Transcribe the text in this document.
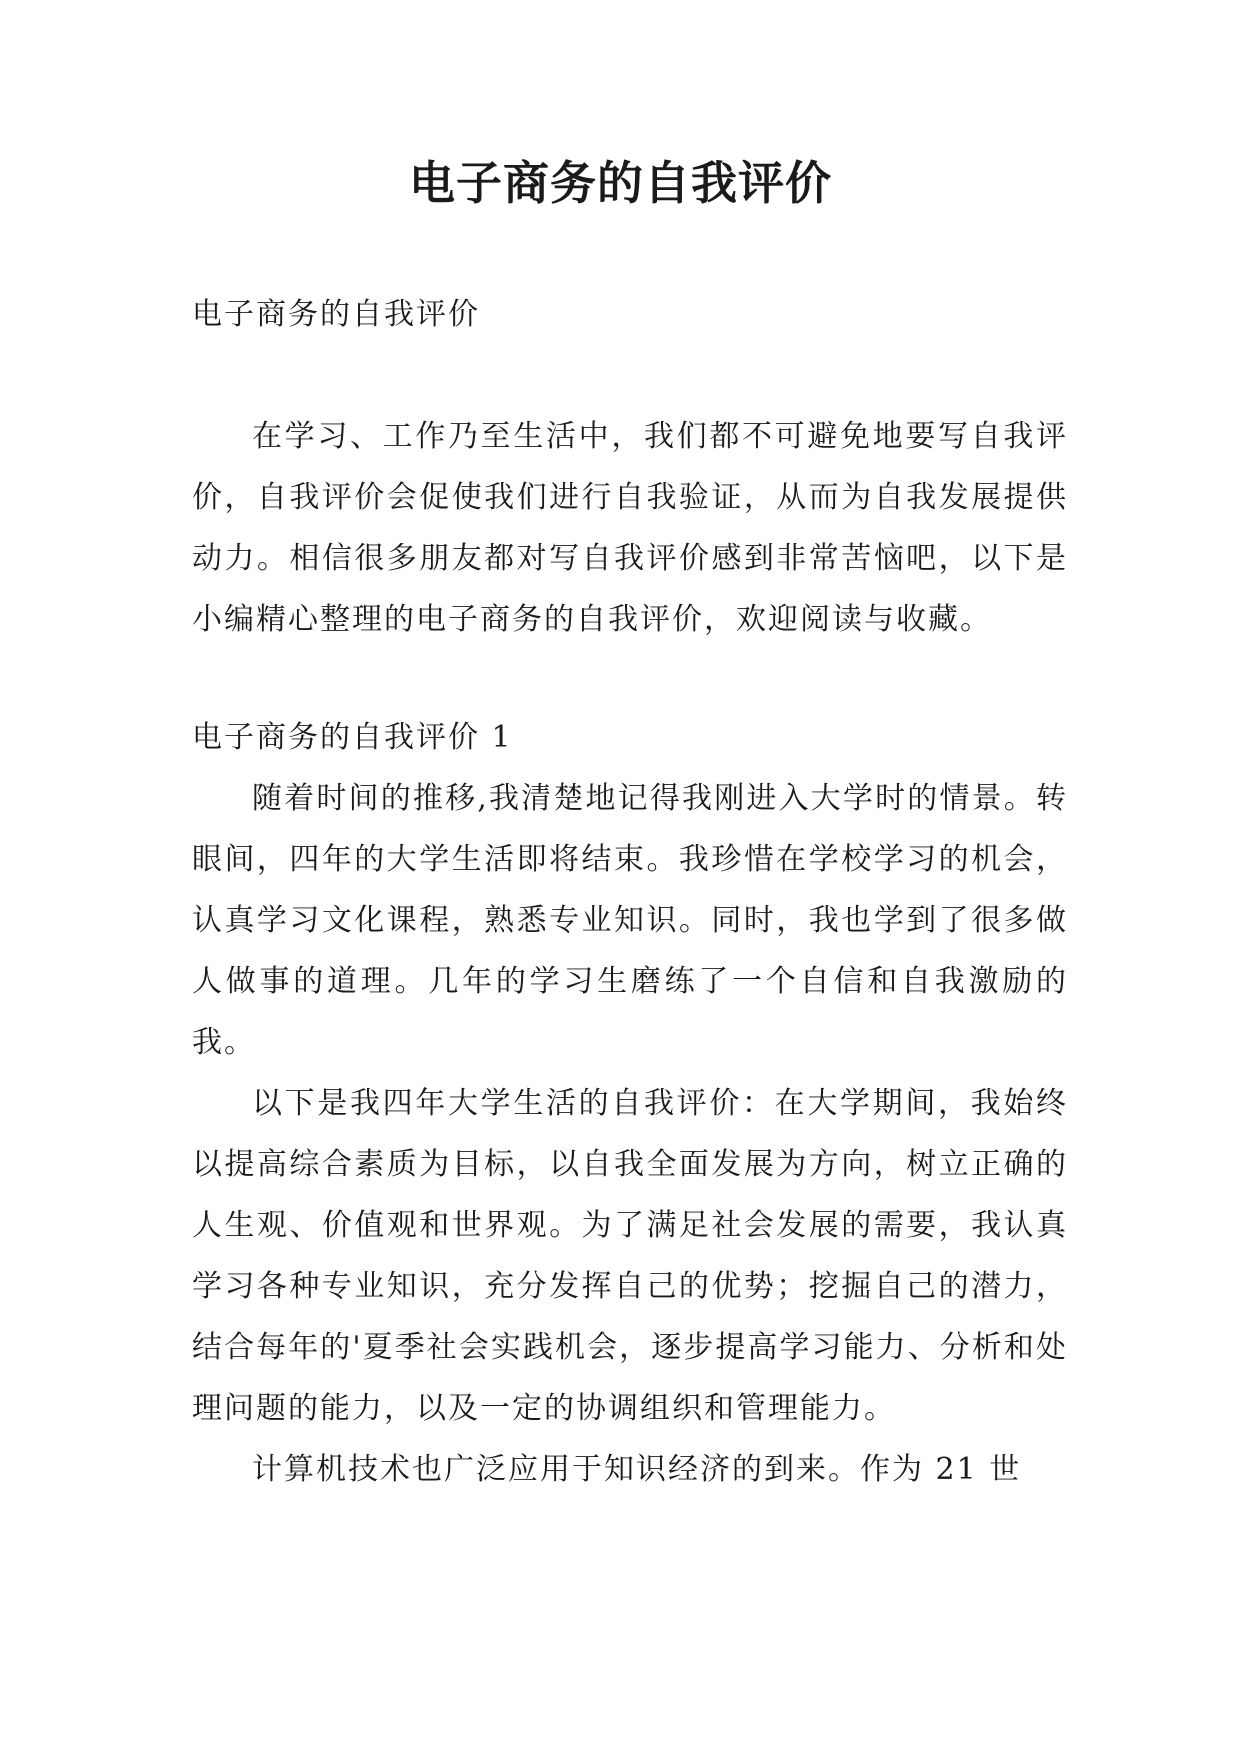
电子商务的自我评价

电子商务的自我评价

在学习、工作乃至生活中，我们都不可避免地要写自我评价，自我评价会促使我们进行自我验证，从而为自我发展提供动力。相信很多朋友都对写自我评价感到非常苦恼吧，以下是小编精心整理的电子商务的自我评价，欢迎阅读与收藏。

电子商务的自我评价 1

随着时间的推移,我清楚地记得我刚进入大学时的情景。转眼间，四年的大学生活即将结束。我珍惜在学校学习的机会，认真学习文化课程，熟悉专业知识。同时，我也学到了很多做人做事的道理。几年的学习生磨练了一个自信和自我激励的我。

以下是我四年大学生活的自我评价：在大学期间，我始终以提高综合素质为目标，以自我全面发展为方向，树立正确的人生观、价值观和世界观。为了满足社会发展的需要，我认真学习各种专业知识，充分发挥自己的优势；挖掘自己的潜力，结合每年的'夏季社会实践机会，逐步提高学习能力、分析和处理问题的能力，以及一定的协调组织和管理能力。

计算机技术也广泛应用于知识经济的到来。作为 21 世
